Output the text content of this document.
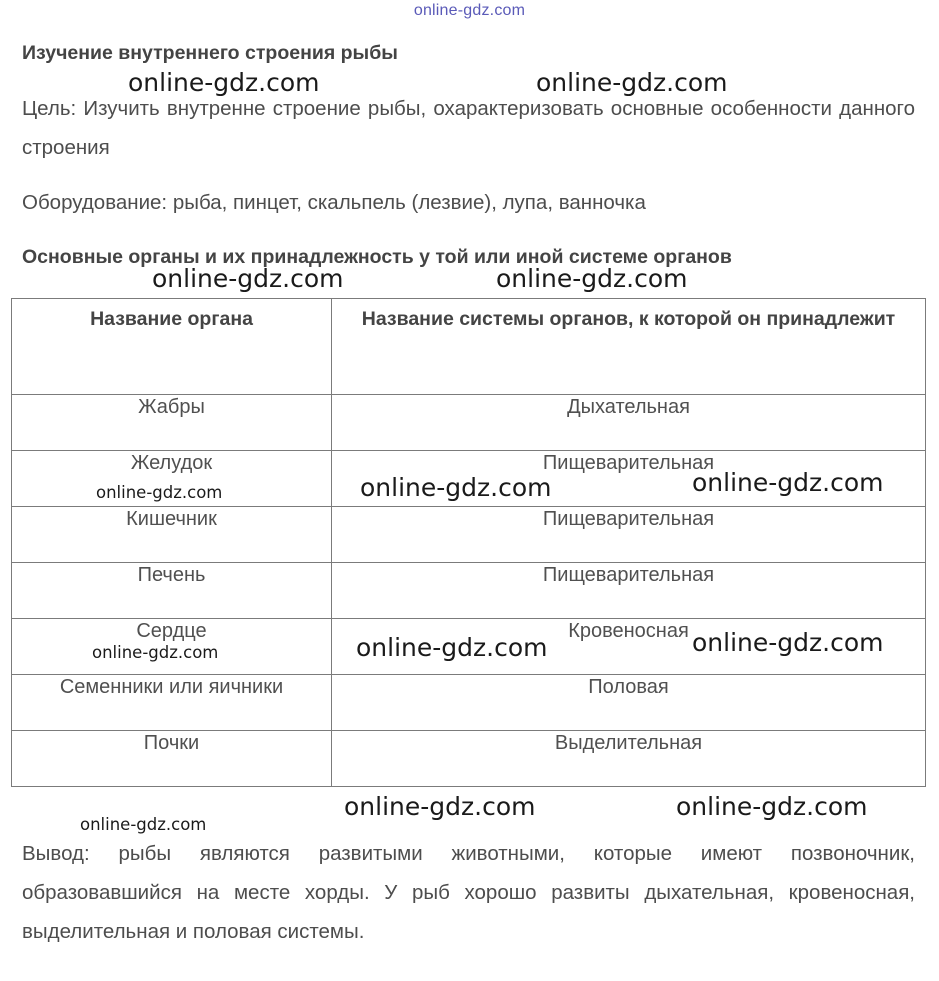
online-gdz.com
Изучение внутреннего строения рыбы
Цель: Изучить внутренне строение рыбы, охарактеризовать основные особенности данного строения
Оборудование: рыба, пинцет, скальпель (лезвие), лупа, ванночка
Основные органы и их принадлежность у той или иной системе органов
Название органа	Название системы органов, к которой он принадлежит
Жабры	Дыхательная
Желудок	Пищеварительная
Кишечник	Пищеварительная
Печень	Пищеварительная
Сердце	Кровеносная
Семенники или яичники	Половая
Почки	Выделительная
Вывод: рыбы являются развитыми животными, которые имеют позвоночник, образовавшийся на месте хорды. У рыб хорошо развиты дыхательная, кровеносная, выделительная и половая системы.
online-gdz.com	online-gdz.com
online-gdz.com	online-gdz.com
online-gdz.com	online-gdz.com	online-gdz.com
online-gdz.com	online-gdz.com	online-gdz.com
online-gdz.com	online-gdz.com
online-gdz.com
